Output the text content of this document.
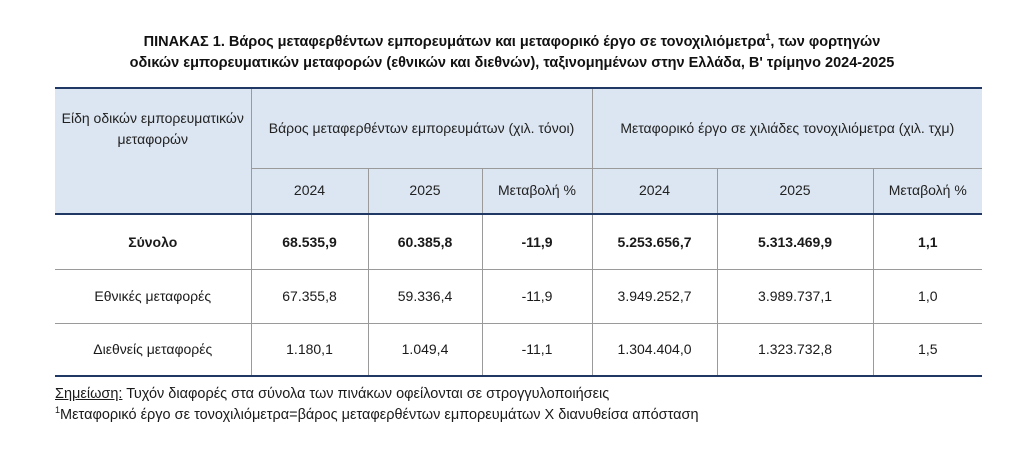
ΠΙΝΑΚΑΣ 1. Βάρος μεταφερθέντων εμπορευμάτων και μεταφορικό έργο σε τονοχιλιόμετρα$^1$, των φορτηγών
οδικών εμπορευματικών μεταφορών (εθνικών και διεθνών), ταξινομημένων στην Ελλάδα, Β' τρίμηνο 2024-2025
Είδη οδικών εμπορευματικών μεταφορών	Βάρος μεταφερθέντων εμπορευμάτων (χιλ. τόνοι)			Μεταφορικό έργο σε χιλιάδες τονοχιλιόμετρα (χιλ. τχμ)		
	2024	2025	Μεταβολή %	2024	2025	Μεταβολή %
Σύνολο	68.535,9	60.385,8	-11,9	5.253.656,7	5.313.469,9	1,1
Εθνικές μεταφορές	67.355,8	59.336,4	-11,9	3.949.252,7	3.989.737,1	1,0
Διεθνείς μεταφορές	1.180,1	1.049,4	-11,1	1.304.404,0	1.323.732,8	1,5
Σημείωση: Τυχόν διαφορές στα σύνολα των πινάκων οφείλονται σε στρογγυλοποιήσεις
$^1$Μεταφορικό έργο σε τονοχιλιόμετρα=βάρος μεταφερθέντων εμπορευμάτων Χ διανυθείσα απόσταση
